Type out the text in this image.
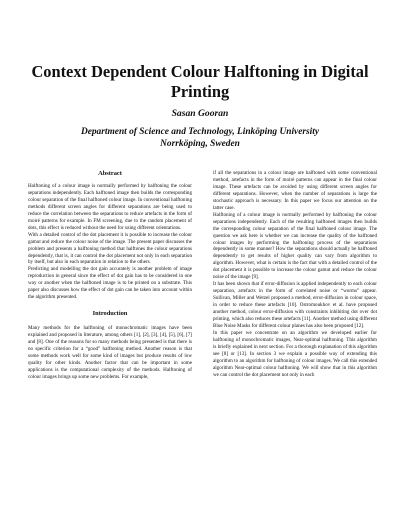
Context Dependent Colour Halftoning in Digital
Printing

Sasan Gooran

Department of Science and Technology, Linköping University
Norrköping, Sweden

Abstract

Halftoning of a colour image is normally performed by halftoning the colour separations independently. Each halftoned image then builds the corresponding colour separation of the final halftoned colour image. In conventional halftoning methods different screen angles for different separations are being used to reduce the correlation between the separations to reduce artefacts in the form of moiré patterns for example. In FM screening, due to the random placement of dots, this effect is reduced without the need for using different orientations.

With a detailed control of the dot placement it is possible to increase the colour gamut and reduce the colour noise of the image. The present paper discusses the problem and presents a halftoning method that halftones the colour separations dependently, that is, it can control the dot placement not only in each separation by itself, but also in each separation in relation to the others.

Predicting and modelling the dot gain accurately is another problem of image reproduction in general since the effect of dot gain has to be considered in one way or another when the halftoned image is to be printed on a substrate. This paper also discusses how the effect of dot gain can be taken into account within the algorithm presented.

Introduction

Many methods for the halftoning of monochromatic images have been explained and proposed in literature, among others [1], [2], [3], [4], [5], [6], [7] and [8]. One of the reasons for so many methods being presented is that there is no specific criterion for a “good” halftoning method. Another reason is that some methods work well for some kind of images but produce results of low quality for other kinds. Another factor that can be important in some applications is the computational complexity of the methods. Halftoning of colour images brings up some new problems. For example,

if all the separations in a colour image are halftoned with some conventional method, artefacts in the form of moiré patterns can appear in the final colour image. These artefacts can be avoided by using different screen angles for different separations. However, when the number of separations is large the stochastic approach is necessary. In this paper we focus our attention on the latter case.

Halftoning of a colour image is normally performed by halftoning the colour separations independently. Each of the resulting halftoned images then builds the corresponding colour separation of the final halftoned colour image. The question we ask here is whether we can increase the quality of the halftoned colour images by performing the halftoning process of the separations dependently in some manner? How the separations should actually be halftoned dependently to get results of higher quality can vary from algorithm to algorithm. However, what is certain is the fact that with a detailed control of the dot placement it is possible to increase the colour gamut and reduce the colour noise of the image [9].

It has been shown that if error-diffusion is applied independently to each colour separation, artefacts in the form of correlated noise or “worms” appear. Sullivan, Miller and Wetzel proposed a method, error-diffusion in colour space, in order to reduce these artefacts [10]. Ostromoukhov et al. have proposed another method, colour error-diffusion with constraints inhibiting dot over dot printing, which also reduces these artefacts [11]. Another method using different Blue Noise Masks for different colour planes has also been proposed [12].

In this paper we concentrate on an algorithm we developed earlier for halftoning of monochromatic images, Near-optimal halftoning. This algorithm is briefly explained in next section. For a thorough explanation of this algorithm see [8] or [13]. In section 3 we explain a possible way of extending this algorithm to an algorithm for halftoning of colour images. We call this extended algorithm Near-optimal colour halftoning. We will show that in this algorithm we can control the dot placement not only in each
